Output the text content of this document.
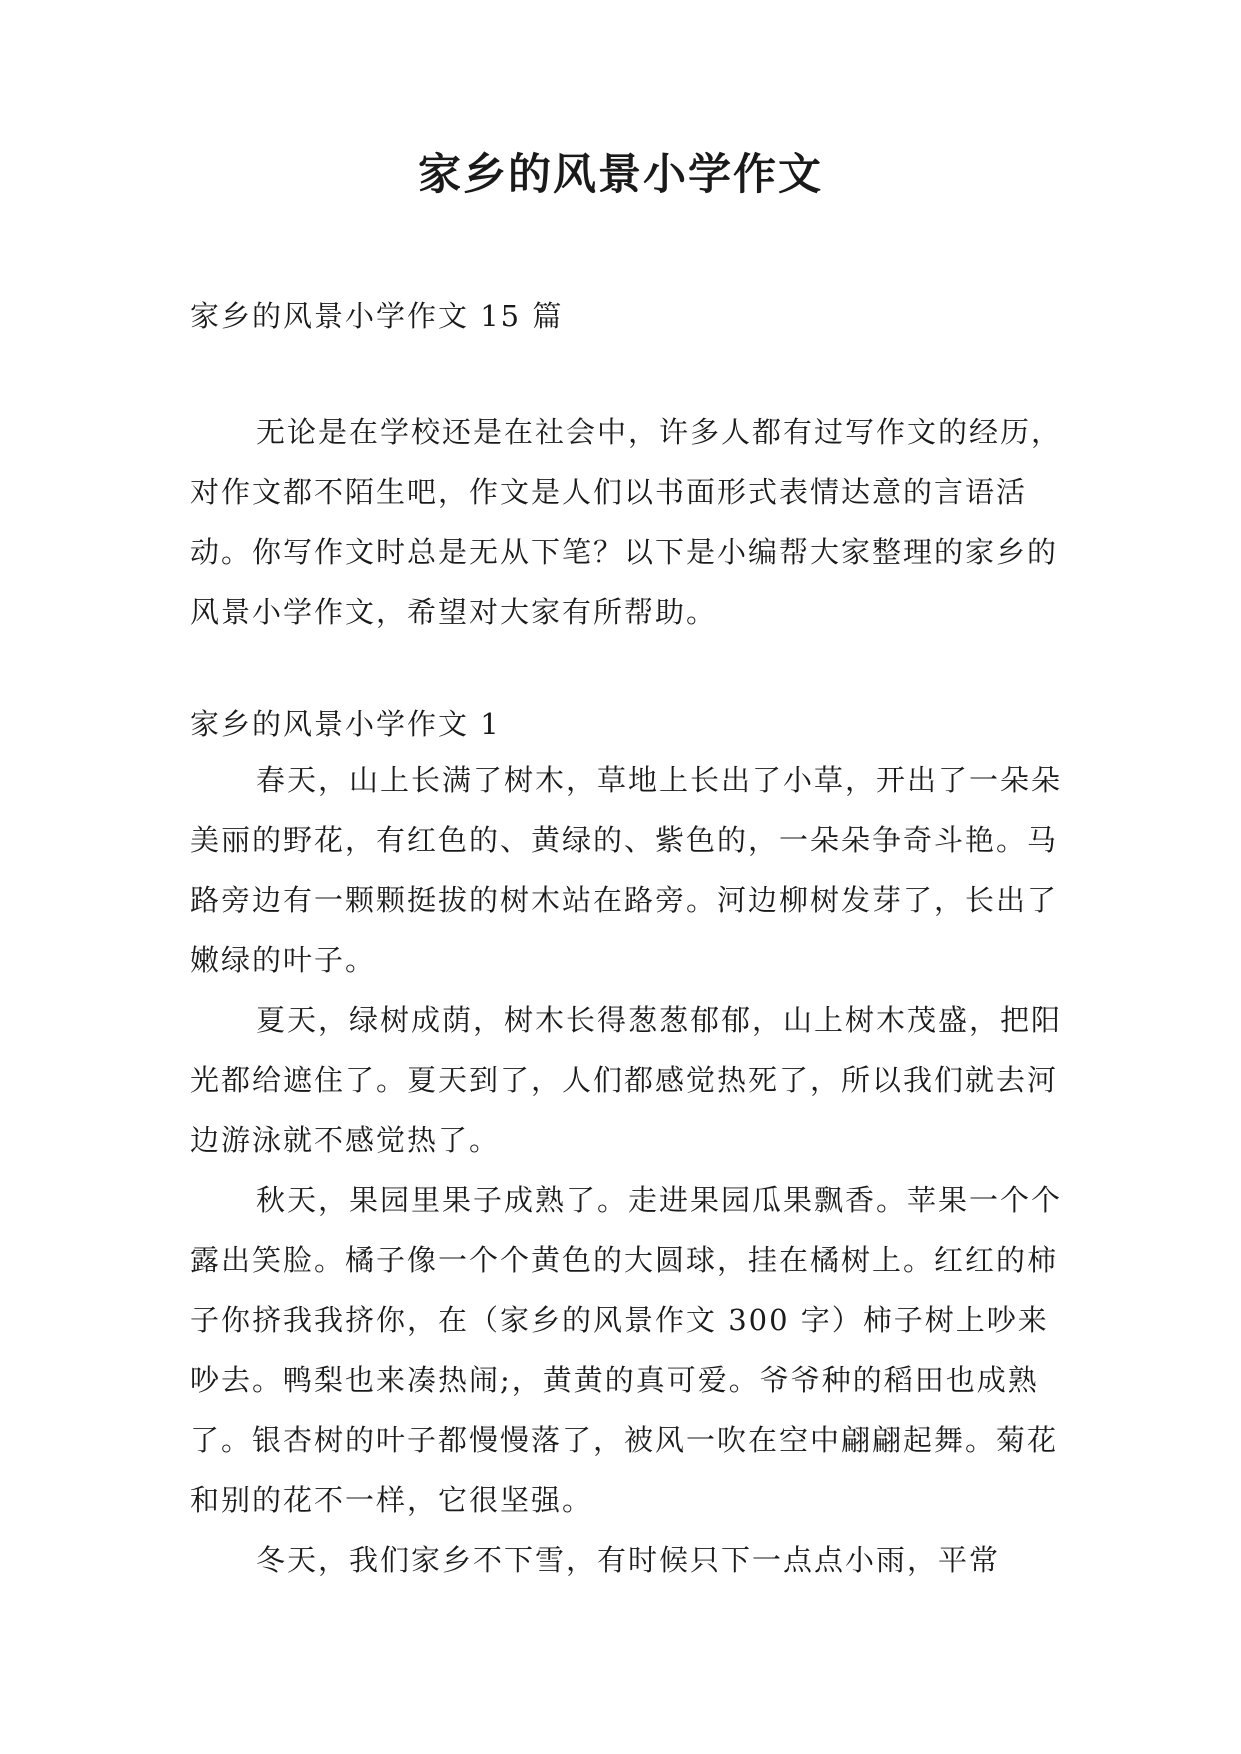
家乡的风景小学作文
家乡的风景小学作文 15 篇

无论是在学校还是在社会中，许多人都有过写作文的经历，对作文都不陌生吧，作文是人们以书面形式表情达意的言语活动。你写作文时总是无从下笔？以下是小编帮大家整理的家乡的风景小学作文，希望对大家有所帮助。

家乡的风景小学作文 1

春天，山上长满了树木，草地上长出了小草，开出了一朵朵美丽的野花，有红色的、黄绿的、紫色的，一朵朵争奇斗艳。马路旁边有一颗颗挺拔的树木站在路旁。河边柳树发芽了，长出了嫩绿的叶子。

夏天，绿树成荫，树木长得葱葱郁郁，山上树木茂盛，把阳光都给遮住了。夏天到了，人们都感觉热死了，所以我们就去河边游泳就不感觉热了。

秋天，果园里果子成熟了。走进果园瓜果飘香。苹果一个个露出笑脸。橘子像一个个黄色的大圆球，挂在橘树上。红红的柿子你挤我我挤你，在（家乡的风景作文 300 字）柿子树上吵来吵去。鸭梨也来凑热闹;，黄黄的真可爱。爷爷种的稻田也成熟了。银杏树的叶子都慢慢落了，被风一吹在空中翩翩起舞。菊花和别的花不一样，它很坚强。

冬天，我们家乡不下雪，有时候只下一点点小雨，平常
